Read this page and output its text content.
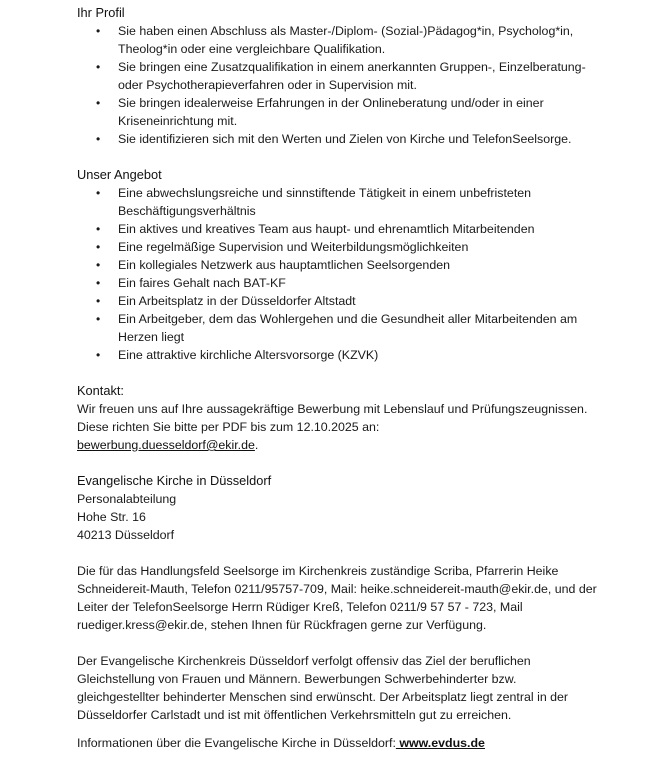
Ihr Profil
• Sie haben einen Abschluss als Master-/Diplom- (Sozial-)Pädagog*in, Psycholog*in, Theolog*in oder eine vergleichbare Qualifikation.
• Sie bringen eine Zusatzqualifikation in einem anerkannten Gruppen-, Einzelberatung- oder Psychotherapieverfahren oder in Supervision mit.
• Sie bringen idealerweise Erfahrungen in der Onlineberatung und/oder in einer Kriseneinrichtung mit.
• Sie identifizieren sich mit den Werten und Zielen von Kirche und TelefonSeelsorge.
Unser Angebot
• Eine abwechslungsreiche und sinnstiftende Tätigkeit in einem unbefristeten Beschäftigungsverhältnis
• Ein aktives und kreatives Team aus haupt- und ehrenamtlich Mitarbeitenden
• Eine regelmäßige Supervision und Weiterbildungsmöglichkeiten
• Ein kollegiales Netzwerk aus hauptamtlichen Seelsorgenden
• Ein faires Gehalt nach BAT-KF
• Ein Arbeitsplatz in der Düsseldorfer Altstadt
• Ein Arbeitgeber, dem das Wohlergehen und die Gesundheit aller Mitarbeitenden am Herzen liegt
• Eine attraktive kirchliche Altersvorsorge (KZVK)
Kontakt:

Wir freuen uns auf Ihre aussagekräftige Bewerbung mit Lebenslauf und Prüfungszeugnissen. Diese richten Sie bitte per PDF bis zum 12.10.2025 an:
bewerbung.duesseldorf@ekir.de.

Evangelische Kirche in Düsseldorf
Personalabteilung
Hohe Str. 16
40213 Düsseldorf

Die für das Handlungsfeld Seelsorge im Kirchenkreis zuständige Scriba, Pfarrerin Heike Schneidereit-Mauth, Telefon 0211/95757-709, Mail: heike.schneidereit-mauth@ekir.de, und der Leiter der TelefonSeelsorge Herrn Rüdiger Kreß, Telefon 0211/9 57 57 - 723, Mail ruediger.kress@ekir.de, stehen Ihnen für Rückfragen gerne zur Verfügung.

Der Evangelische Kirchenkreis Düsseldorf verfolgt offensiv das Ziel der beruflichen Gleichstellung von Frauen und Männern. Bewerbungen Schwerbehinderter bzw. gleichgestellter behinderter Menschen sind erwünscht. Der Arbeitsplatz liegt zentral in der Düsseldorfer Carlstadt und ist mit öffentlichen Verkehrsmitteln gut zu erreichen.

Informationen über die Evangelische Kirche in Düsseldorf: www.evdus.de
